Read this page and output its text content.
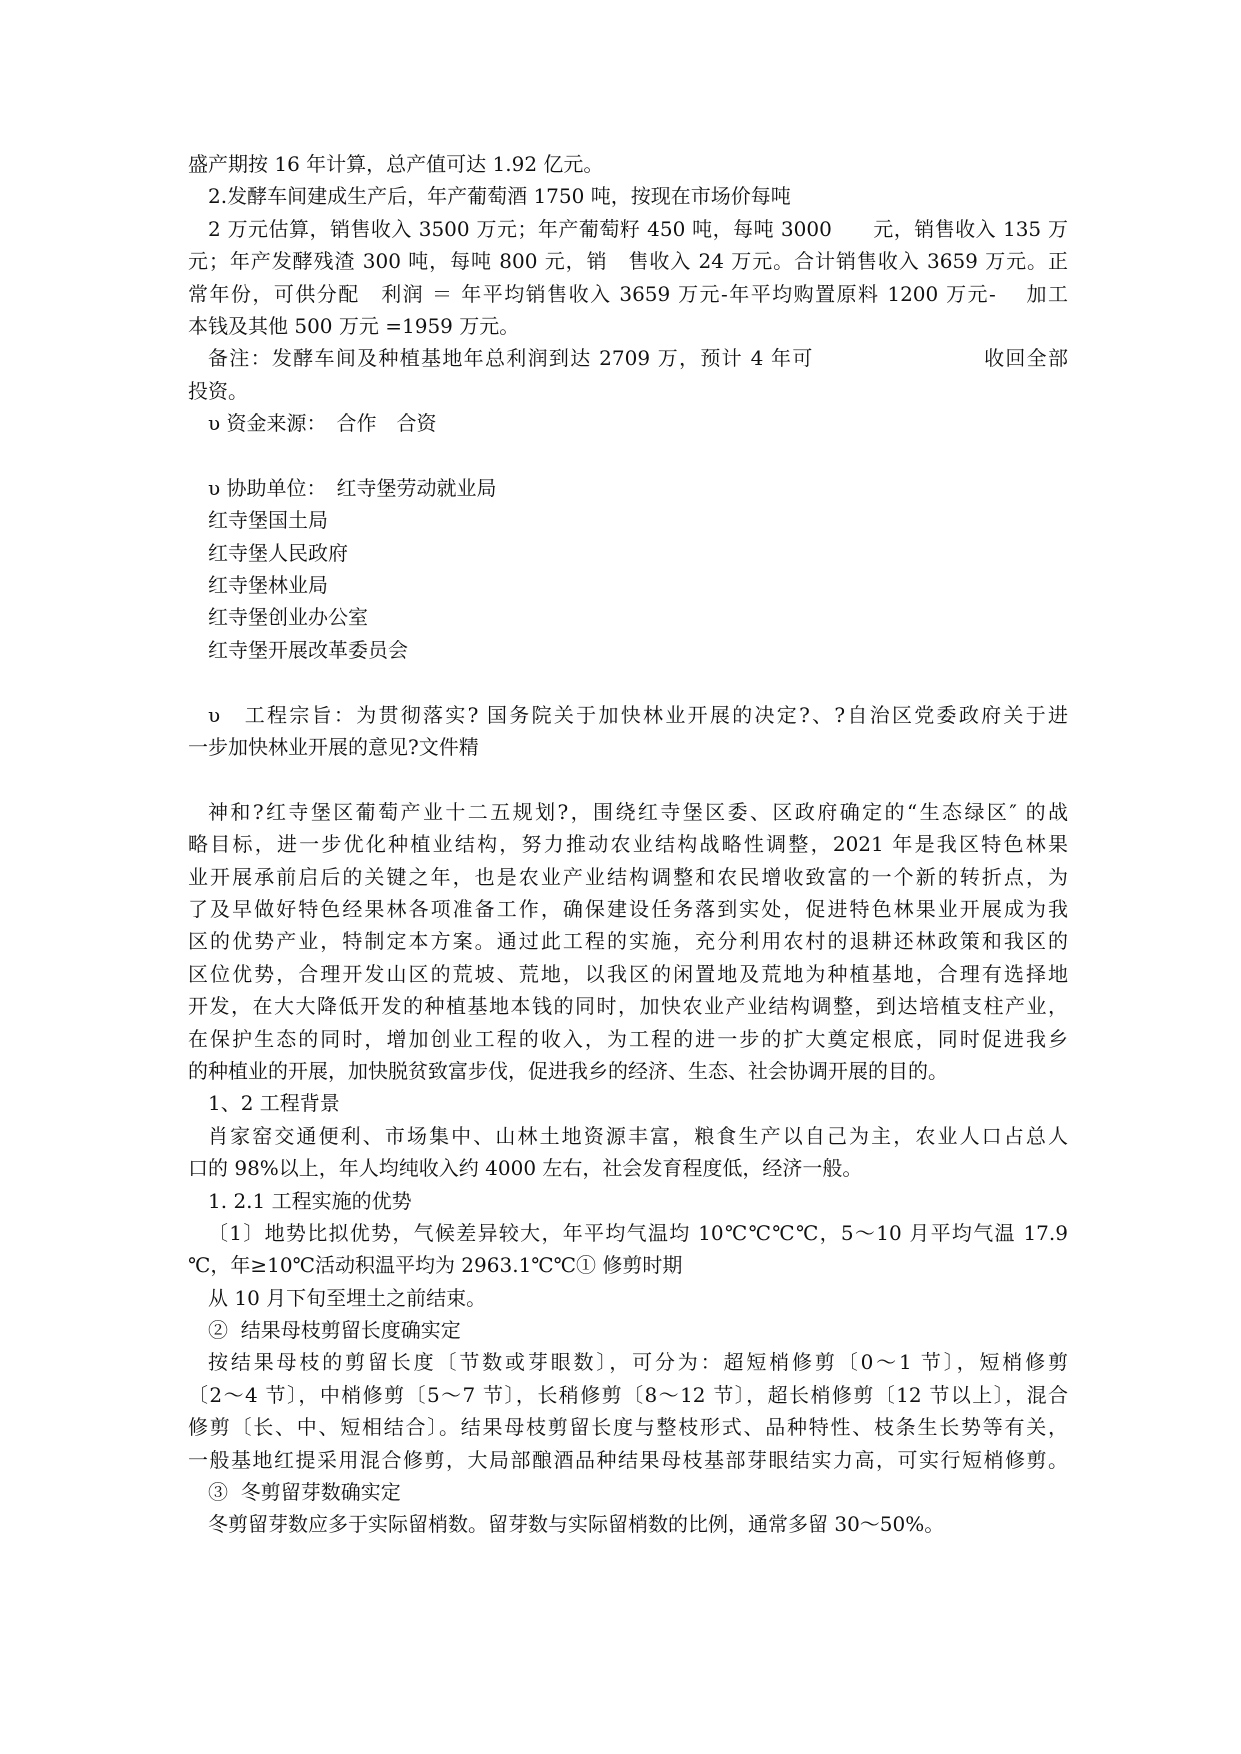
盛产期按 16 年计算，总产值可达 1.92 亿元。
2.发酵车间建成生产后，年产葡萄酒 1750 吨，按现在市场价每吨
2 万元估算，销售收入 3500 万元；年产葡萄籽 450 吨，每吨 3000　　元，销售收入 135 万
元；年产发酵残渣 300 吨，每吨 800 元，销　售收入 24 万元。合计销售收入 3659 万元。正
常年份，可供分配　利润 ＝ 年平均销售收入 3659 万元-年平均购置原料 1200 万元-　 加工
本钱及其他 500 万元 =1959 万元。
备注：发酵车间及种植基地年总利润到达 2709 万，预计 4 年可　　　　　　　　收回全部
投资。
υ 资金来源：　合作　合资
υ 协助单位：　红寺堡劳动就业局
红寺堡国土局
红寺堡人民政府
红寺堡林业局
红寺堡创业办公室
红寺堡开展改革委员会
υ　工程宗旨：为贯彻落实? 国务院关于加快林业开展的决定?、?自治区党委政府关于进
一步加快林业开展的意见?文件精
神和?红寺堡区葡萄产业十二五规划?，围绕红寺堡区委、区政府确定的“生态绿区″ 的战
略目标，进一步优化种植业结构，努力推动农业结构战略性调整，2021 年是我区特色林果
业开展承前启后的关键之年，也是农业产业结构调整和农民增收致富的一个新的转折点，为
了及早做好特色经果林各项准备工作，确保建设任务落到实处，促进特色林果业开展成为我
区的优势产业，特制定本方案。通过此工程的实施，充分利用农村的退耕还林政策和我区的
区位优势，合理开发山区的荒坡、荒地，以我区的闲置地及荒地为种植基地，合理有选择地
开发，在大大降低开发的种植基地本钱的同时，加快农业产业结构调整，到达培植支柱产业，
在保护生态的同时，增加创业工程的收入，为工程的进一步的扩大奠定根底，同时促进我乡
的种植业的开展，加快脱贫致富步伐，促进我乡的经济、生态、社会协调开展的目的。
1、2 工程背景
肖家窑交通便利、市场集中、山林土地资源丰富，粮食生产以自己为主，农业人口占总人
口的 98%以上，年人均纯收入约 4000 左右，社会发育程度低，经济一般。
1. 2.1 工程实施的优势
〔1〕地势比拟优势，气候差异较大，年平均气温均 10℃℃℃℃，5～10 月平均气温 17.9
℃，年≥10℃活动积温平均为 2963.1℃℃① 修剪时期
从 10 月下旬至埋土之前结束。
②  结果母枝剪留长度确实定
按结果母枝的剪留长度〔节数或芽眼数〕，可分为：超短梢修剪〔0～1 节〕，短梢修剪
〔2～4 节〕，中梢修剪〔5～7 节〕，长稍修剪〔8～12 节〕，超长梢修剪〔12 节以上〕，混合
修剪〔长、中、短相结合〕。结果母枝剪留长度与整枝形式、品种特性、枝条生长势等有关，
一般基地红提采用混合修剪，大局部酿酒品种结果母枝基部芽眼结实力高，可实行短梢修剪。
③  冬剪留芽数确实定
冬剪留芽数应多于实际留梢数。留芽数与实际留梢数的比例，通常多留 30～50%。
